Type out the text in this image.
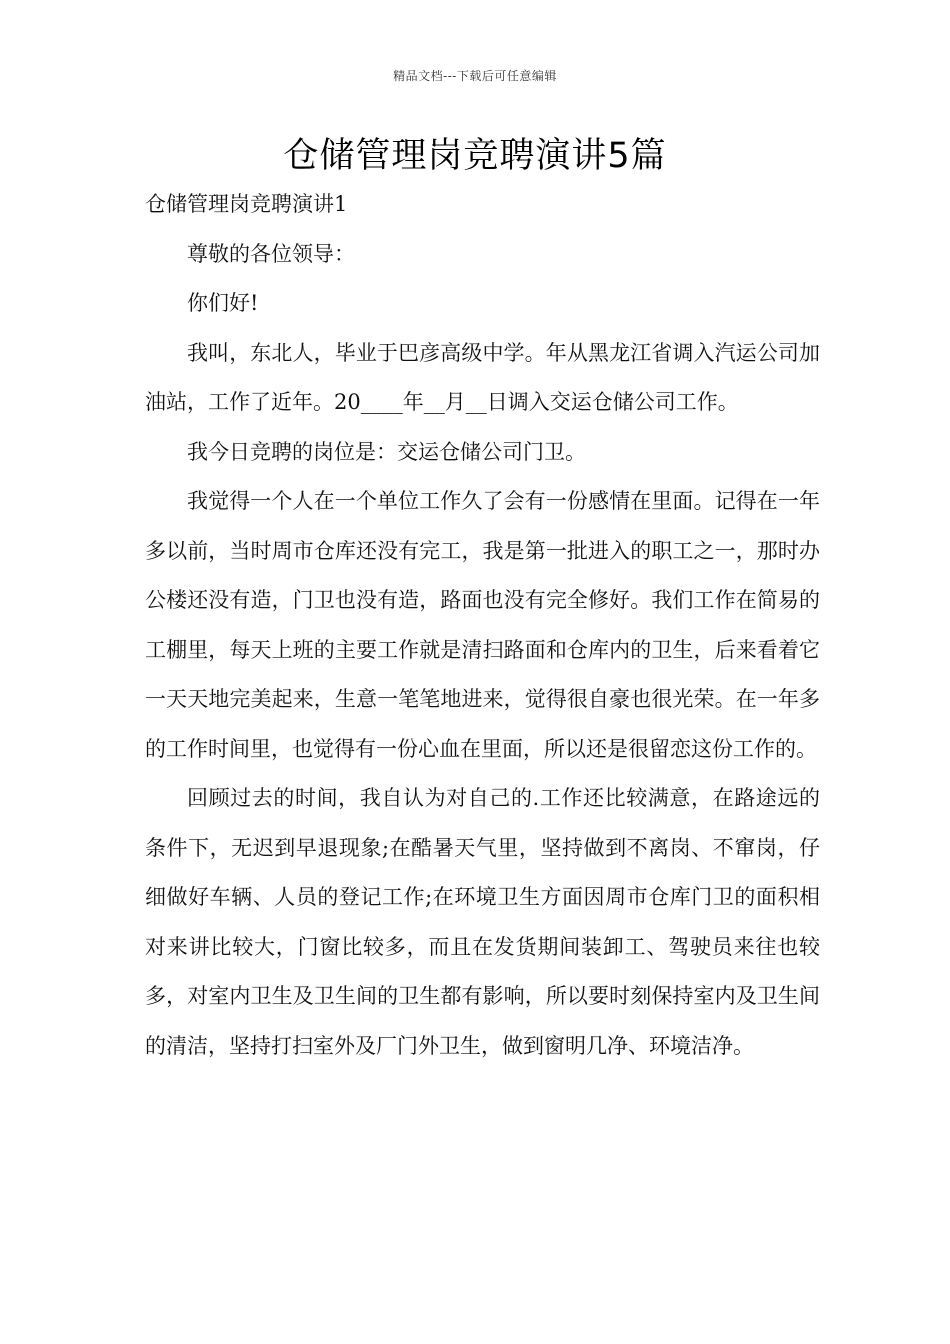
精品文档---下载后可任意编辑
仓储管理岗竞聘演讲5篇

仓储管理岗竞聘演讲1

尊敬的各位领导：

你们好!

我叫，东北人，毕业于巴彦高级中学。年从黑龙江省调入汽运公司加油站，工作了近年。20____年__月__日调入交运仓储公司工作。

我今日竞聘的岗位是：交运仓储公司门卫。

我觉得一个人在一个单位工作久了会有一份感情在里面。记得在一年多以前，当时周市仓库还没有完工，我是第一批进入的职工之一，那时办公楼还没有造，门卫也没有造，路面也没有完全修好。我们工作在简易的工棚里，每天上班的主要工作就是清扫路面和仓库内的卫生，后来看着它一天天地完美起来，生意一笔笔地进来，觉得很自豪也很光荣。在一年多的工作时间里，也觉得有一份心血在里面，所以还是很留恋这份工作的。

回顾过去的时间，我自认为对自己的.工作还比较满意，在路途远的条件下，无迟到早退现象;在酷暑天气里，坚持做到不离岗、不窜岗，仔细做好车辆、人员的登记工作;在环境卫生方面因周市仓库门卫的面积相对来讲比较大，门窗比较多，而且在发货期间装卸工、驾驶员来往也较多，对室内卫生及卫生间的卫生都有影响，所以要时刻保持室内及卫生间的清洁，坚持打扫室外及厂门外卫生，做到窗明几净、环境洁净。
